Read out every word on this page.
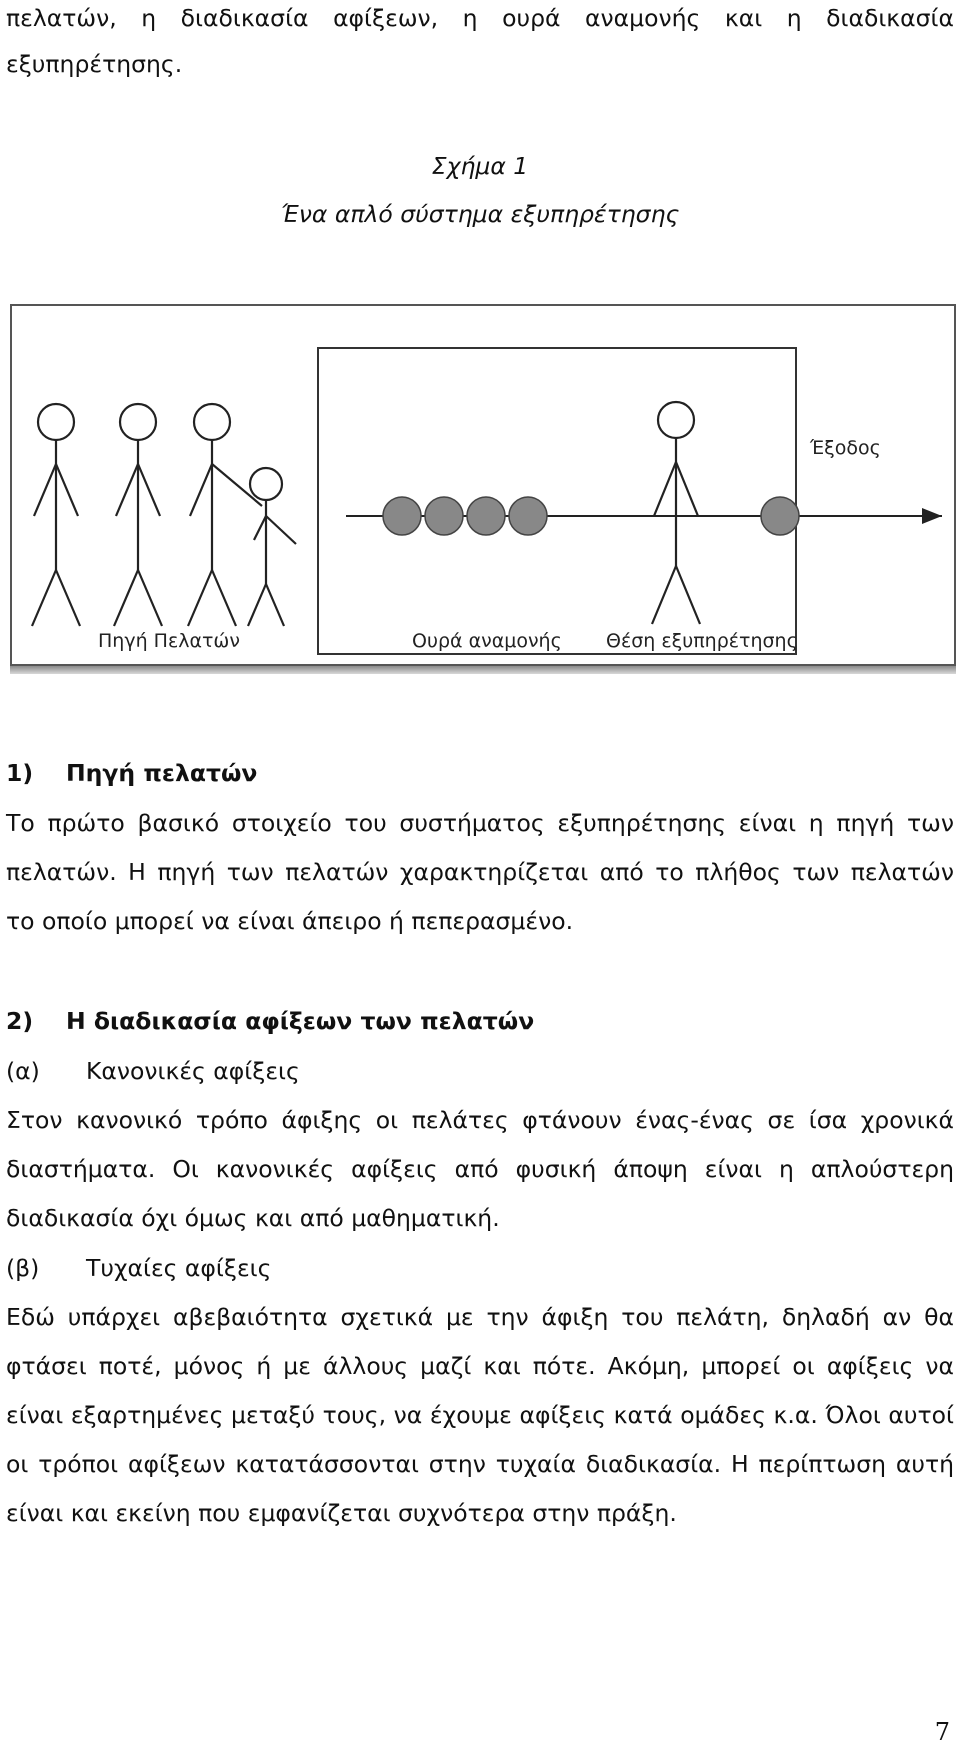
πελατών, η διαδικασία αφίξεων, η ουρά αναμονής και η διαδικασία
εξυπηρέτησης.
Σχήμα 1
Ένα απλό σύστημα εξυπηρέτησης
Πηγή Πελατών	Ουρά αναμονής Θέση εξυπηρέτησης
Έξοδος
1) Πηγή πελατών
Το πρώτο βασικό στοιχείο του συστήματος εξυπηρέτησης είναι η πηγή των
πελατών. Η πηγή των πελατών χαρακτηρίζεται από το πλήθος των πελατών
το οποίο μπορεί να είναι άπειρο ή πεπερασμένο.
2) Η διαδικασία αφίξεων των πελατών
(α) Κανονικές αφίξεις
Στον κανονικό τρόπο άφιξης οι πελάτες φτάνουν ένας-ένας σε ίσα χρονικά
διαστήματα. Οι κανονικές αφίξεις από φυσική άποψη είναι η απλούστερη
διαδικασία όχι όμως και από μαθηματική.
(β) Τυχαίες αφίξεις
Εδώ υπάρχει αβεβαιότητα σχετικά με την άφιξη του πελάτη, δηλαδή αν θα
φτάσει ποτέ, μόνος ή με άλλους μαζί και πότε. Ακόμη, μπορεί οι αφίξεις να
είναι εξαρτημένες μεταξύ τους, να έχουμε αφίξεις κατά ομάδες κ.α. Όλοι αυτοί
οι τρόποι αφίξεων κατατάσσονται στην τυχαία διαδικασία. Η περίπτωση αυτή
είναι και εκείνη που εμφανίζεται συχνότερα στην πράξη.
7
